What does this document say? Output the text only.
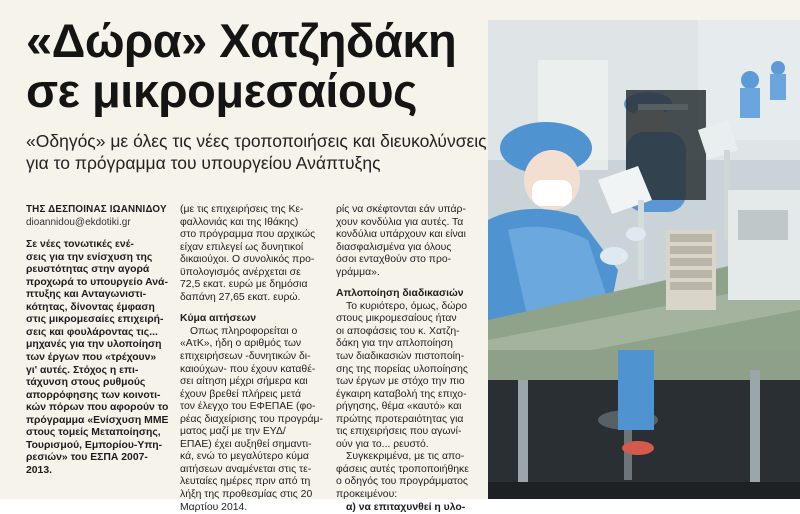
«Δώρα» Χατζηδάκη
σε μικρομεσαίους
«Οδηγός» με όλες τις νέες τροποποιήσεις και διευκολύνσεις
για το πρόγραμμα του υπουργείου Ανάπτυξης
ΤΗΣ ΔΕΣΠΟΙΝΑΣ ΙΩΑΝΝΙΔΟΥ
dioannidou@ekdotiki.gr
Σε νέες τονωτικές ενέ-
σεις για την ενίσχυση της
ρευστότητας στην αγορά
προχωρά το υπουργείο Ανά-
πτυξης και Ανταγωνιστι-
κότητας, δίνοντας έμφαση
στις μικρομεσαίες επιχειρή-
σεις και φουλάροντας τις...
μηχανές για την υλοποίηση
των έργων που «τρέχουν»
γι' αυτές. Στόχος η επι-
τάχυνση στους ρυθμούς
απορρόφησης των κοινοτι-
κών πόρων που αφορούν το
πρόγραμμα «Ενίσχυση ΜΜΕ
στους τομείς Μεταποίησης,
Τουρισμού, Εμπορίου-Υπη-
ρεσιών» του ΕΣΠΑ 2007-
2013.
(με τις επιχειρήσεις της Κε-
φαλλονιάς και της Ιθάκης)
στο πρόγραμμα που αρχικώς
είχαν επιλεγεί ως δυνητικοί
δικαιούχοι. Ο συνολικός προ-
ϋπολογισμός ανέρχεται σε
72,5 εκατ. ευρώ με δημόσια
δαπάνη 27,65 εκατ. ευρώ.
Κύμα αιτήσεων
Οπως πληροφορείται ο
«ΑτΚ», ήδη ο αριθμός των
επιχειρήσεων -δυνητικών δι-
καιούχων- που έχουν καταθέ-
σει αίτηση μέχρι σήμερα και
έχουν βρεθεί πλήρεις μετά
τον έλεγχο του ΕΦΕΠΑΕ (φο-
ρέας διαχείρισης του προγράμ-
ματος μαζί με την ΕΥΔ/
ΕΠΑΕ) έχει αυξηθεί σημαντι-
κά, ενώ το μεγαλύτερο κύμα
αιτήσεων αναμένεται στις τε-
λευταίες ημέρες πριν από τη
λήξη της προθεσμίας στις 20
Μαρτίου 2014.
ρίς να σκέφτονται εάν υπάρ-
χουν κονδύλια για αυτές. Τα
κονδύλια υπάρχουν και είναι
διασφαλισμένα για όλους
όσοι ενταχθούν στο προ-
γράμμα».
Απλοποίηση διαδικασιών
Το κυριότερο, όμως, δώρο
στους μικρομεσαίους ήταν
οι αποφάσεις του κ. Χατζη-
δάκη για την απλοποίηση
των διαδικασιών πιστοποίη-
σης της πορείας υλοποίησης
των έργων με στόχο την πιο
έγκαιρη καταβολή της επιχο-
ρήγησης, θέμα «καυτό» και
πρώτης προτεραιότητας για
τις επιχειρήσεις που αγωνί-
ούν για το... ρευστό.
Συγκεκριμένα, με τις απο-
φάσεις αυτές τροποποιήθηκε
ο οδηγός του προγράμματος
προκειμένου:
α) να επιταχυνθεί η υλο-
